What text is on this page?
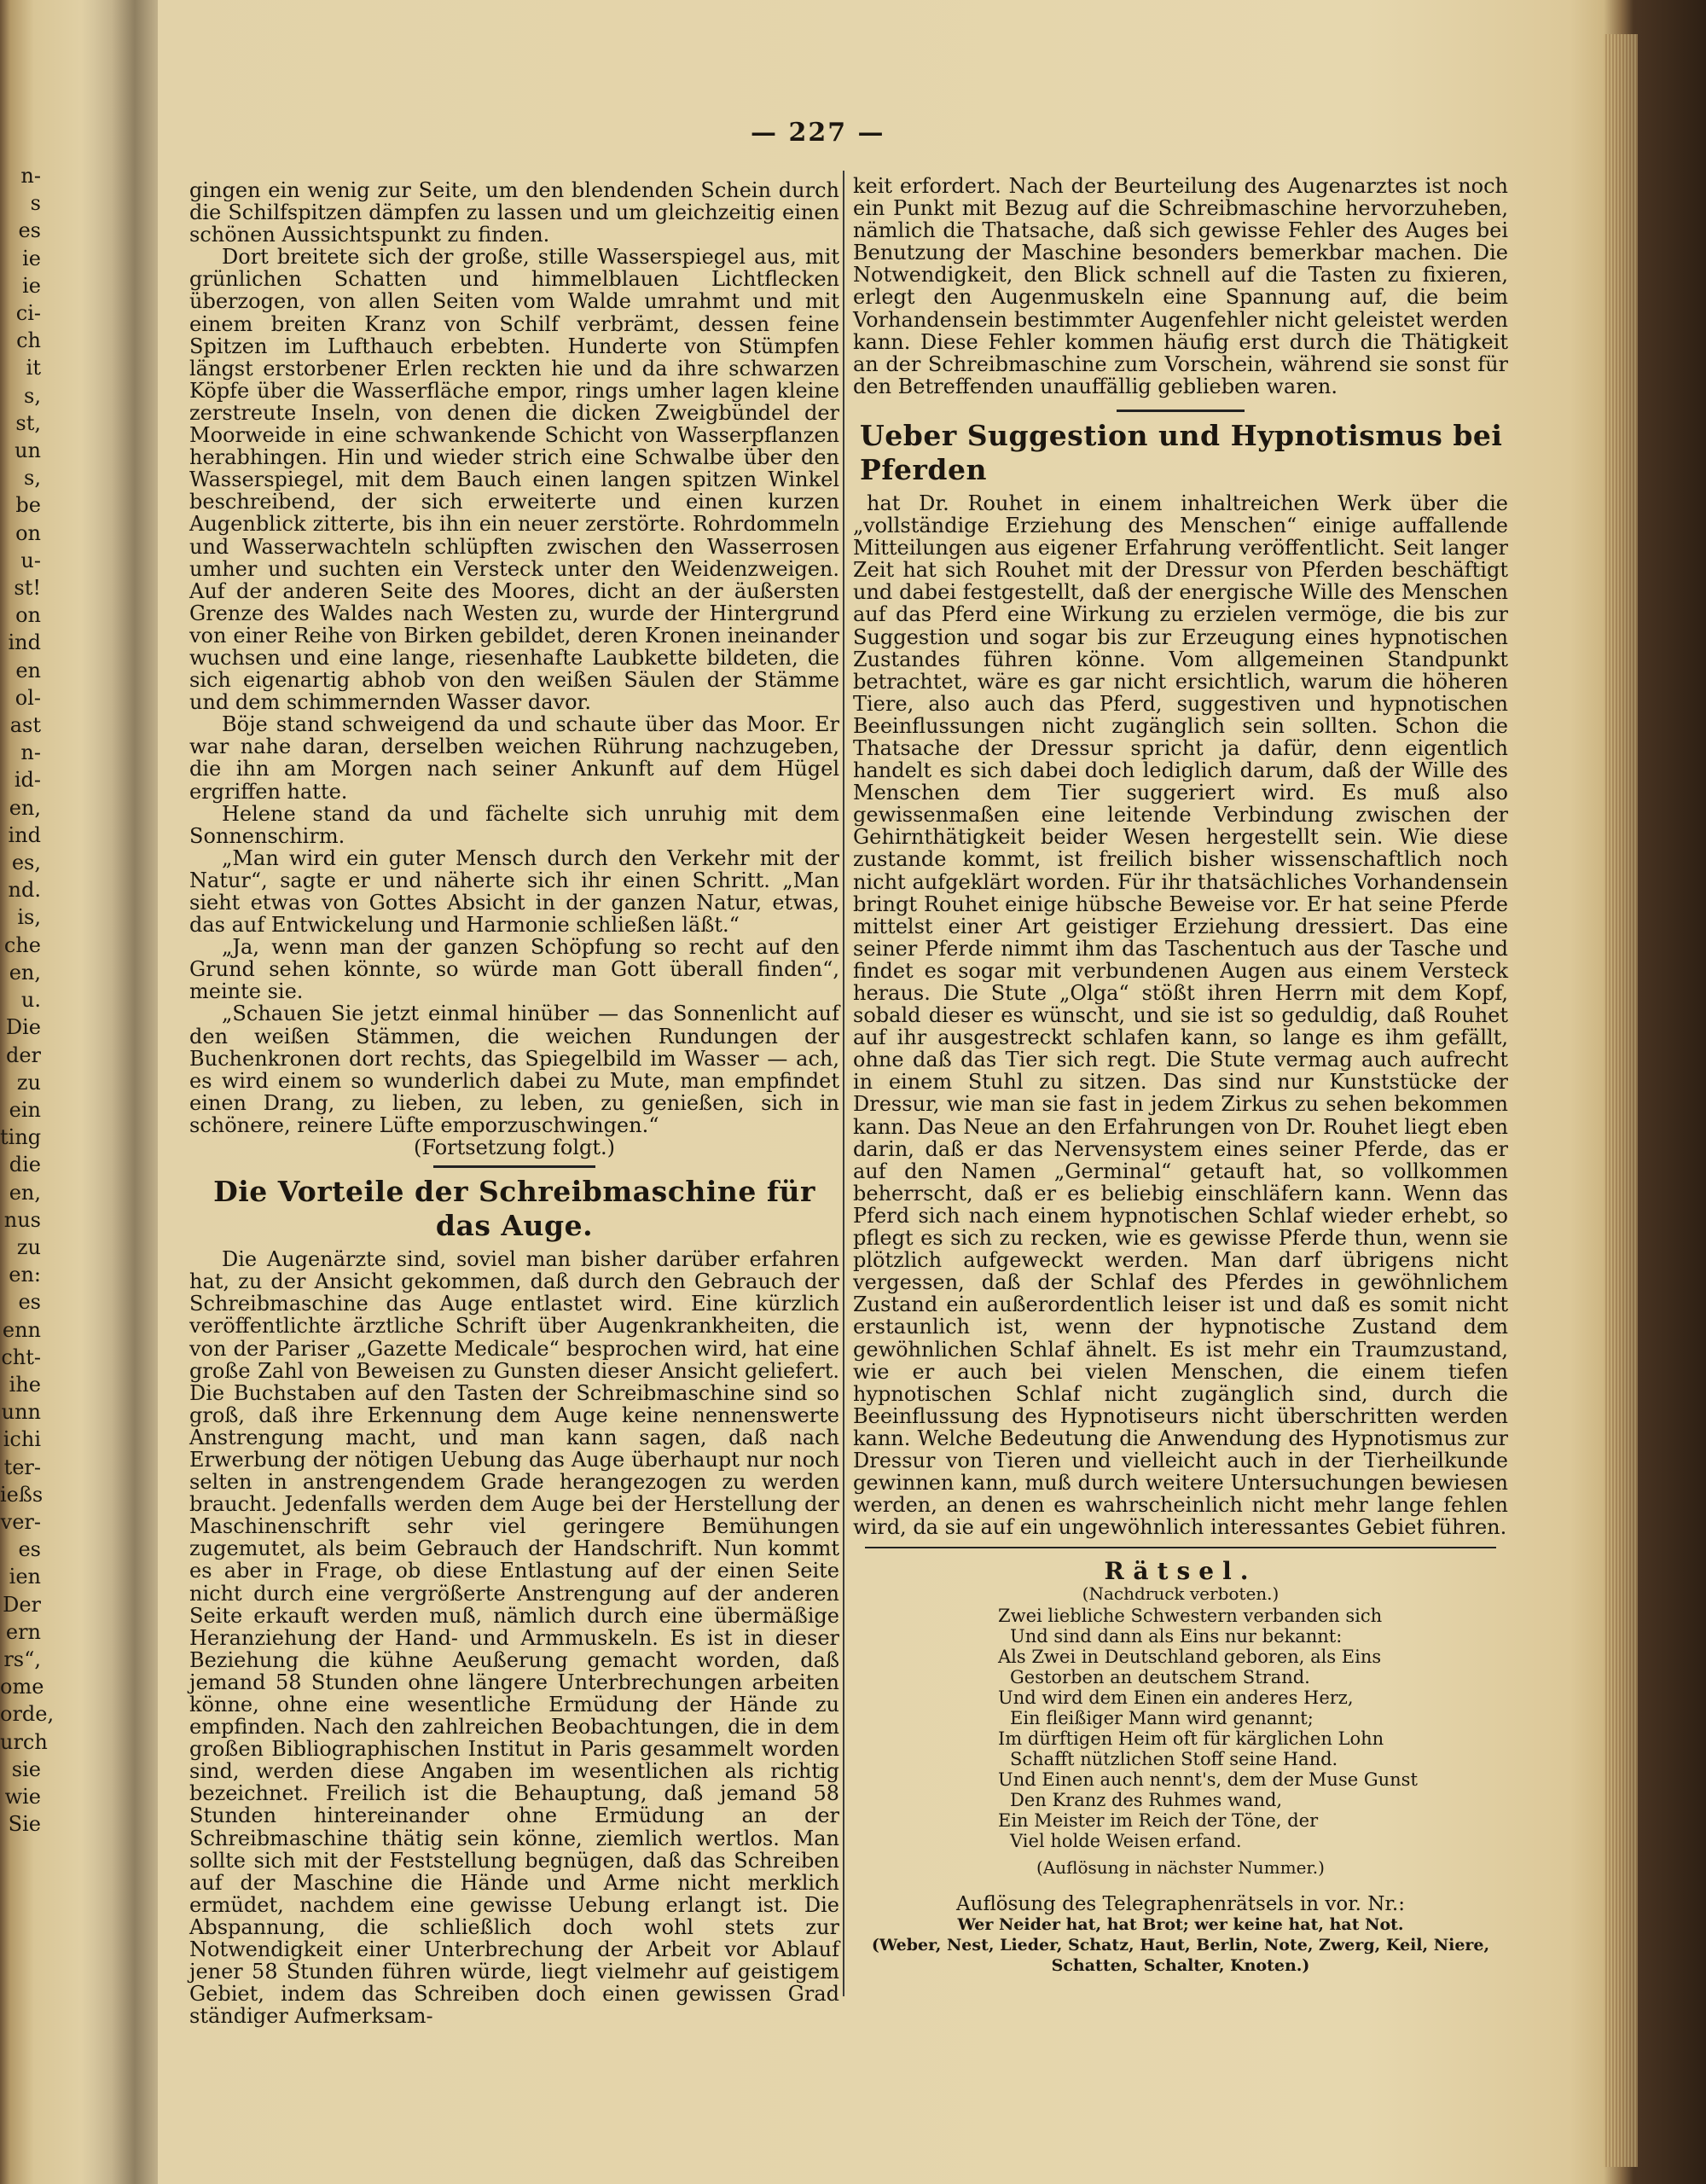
n-
s
es
ie
ie
ci-
ch
it
s,
st,
un
s,
be
on
u-
st!
on
ind
en
ol-
ast
n-
id-
en,
ind
es,
nd.
is,
che
en,
u.
Die
der
zu
ein
ting
die
en,
nus
zu
en:
es
enn
cht-
ihe
unn
ichi
ter-
ießs
ver-
es
ien
Der
ern
rs“,
ome
orde,
urch
sie
wie
Sie
— 227 —

gingen ein wenig zur Seite, um den blendenden Schein durch die Schilfspitzen dämpfen zu lassen und um gleichzeitig einen schönen Aussichtspunkt zu finden.

Dort breitete sich der große, stille Wasserspiegel aus, mit grünlichen Schatten und himmelblauen Lichtflecken überzogen, von allen Seiten vom Walde umrahmt und mit einem breiten Kranz von Schilf verbrämt, dessen feine Spitzen im Lufthauch erbebten. Hunderte von Stümpfen längst erstorbener Erlen reckten hie und da ihre schwarzen Köpfe über die Wasserfläche empor, rings umher lagen kleine zerstreute Inseln, von denen die dicken Zweigbündel der Moorweide in eine schwankende Schicht von Wasserpflanzen herabhingen. Hin und wieder strich eine Schwalbe über den Wasserspiegel, mit dem Bauch einen langen spitzen Winkel beschreibend, der sich erweiterte und einen kurzen Augenblick zitterte, bis ihn ein neuer zerstörte. Rohrdommeln und Wasserwachteln schlüpften zwischen den Wasserrosen umher und suchten ein Versteck unter den Weidenzweigen. Auf der anderen Seite des Moores, dicht an der äußersten Grenze des Waldes nach Westen zu, wurde der Hintergrund von einer Reihe von Birken gebildet, deren Kronen ineinander wuchsen und eine lange, riesenhafte Laubkette bildeten, die sich eigenartig abhob von den weißen Säulen der Stämme und dem schimmernden Wasser davor.

Böje stand schweigend da und schaute über das Moor. Er war nahe daran, derselben weichen Rührung nachzugeben, die ihn am Morgen nach seiner Ankunft auf dem Hügel ergriffen hatte.

Helene stand da und fächelte sich unruhig mit dem Sonnenschirm.

„Man wird ein guter Mensch durch den Verkehr mit der Natur“, sagte er und näherte sich ihr einen Schritt. „Man sieht etwas von Gottes Absicht in der ganzen Natur, etwas, das auf Entwickelung und Harmonie schließen läßt.“

„Ja, wenn man der ganzen Schöpfung so recht auf den Grund sehen könnte, so würde man Gott überall finden“, meinte sie.

„Schauen Sie jetzt einmal hinüber — das Sonnenlicht auf den weißen Stämmen, die weichen Rundungen der Buchenkronen dort rechts, das Spiegelbild im Wasser — ach, es wird einem so wunderlich dabei zu Mute, man empfindet einen Drang, zu lieben, zu leben, zu genießen, sich in schönere, reinere Lüfte emporzuschwingen.“

(Fortsetzung folgt.)
Die Vorteile der Schreibmaschine für das Auge.

Die Augenärzte sind, soviel man bisher darüber erfahren hat, zu der Ansicht gekommen, daß durch den Gebrauch der Schreibmaschine das Auge entlastet wird. Eine kürzlich veröffentlichte ärztliche Schrift über Augenkrankheiten, die von der Pariser „Gazette Medicale“ besprochen wird, hat eine große Zahl von Beweisen zu Gunsten dieser Ansicht geliefert. Die Buchstaben auf den Tasten der Schreibmaschine sind so groß, daß ihre Erkennung dem Auge keine nennenswerte Anstrengung macht, und man kann sagen, daß nach Erwerbung der nötigen Uebung das Auge überhaupt nur noch selten in anstrengendem Grade herangezogen zu werden braucht. Jedenfalls werden dem Auge bei der Herstellung der Maschinenschrift sehr viel geringere Bemühungen zugemutet, als beim Gebrauch der Handschrift. Nun kommt es aber in Frage, ob diese Entlastung auf der einen Seite nicht durch eine vergrößerte Anstrengung auf der anderen Seite erkauft werden muß, nämlich durch eine übermäßige Heranziehung der Hand- und Armmuskeln. Es ist in dieser Beziehung die kühne Aeußerung gemacht worden, daß jemand 58 Stunden ohne längere Unterbrechungen arbeiten könne, ohne eine wesentliche Ermüdung der Hände zu empfinden. Nach den zahlreichen Beobachtungen, die in dem großen Bibliographischen Institut in Paris gesammelt worden sind, werden diese Angaben im wesentlichen als richtig bezeichnet. Freilich ist die Behauptung, daß jemand 58 Stunden hintereinander ohne Ermüdung an der Schreibmaschine thätig sein könne, ziemlich wertlos. Man sollte sich mit der Feststellung begnügen, daß das Schreiben auf der Maschine die Hände und Arme nicht merklich ermüdet, nachdem eine gewisse Uebung erlangt ist. Die Abspannung, die schließlich doch wohl stets zur Notwendigkeit einer Unterbrechung der Arbeit vor Ablauf jener 58 Stunden führen würde, liegt vielmehr auf geistigem Gebiet, indem das Schreiben doch einen gewissen Grad ständiger Aufmerksam-

keit erfordert. Nach der Beurteilung des Augenarztes ist noch ein Punkt mit Bezug auf die Schreibmaschine hervorzuheben, nämlich die Thatsache, daß sich gewisse Fehler des Auges bei Benutzung der Maschine besonders bemerkbar machen. Die Notwendigkeit, den Blick schnell auf die Tasten zu fixieren, erlegt den Augenmuskeln eine Spannung auf, die beim Vorhandensein bestimmter Augenfehler nicht geleistet werden kann. Diese Fehler kommen häufig erst durch die Thätigkeit an der Schreibmaschine zum Vorschein, während sie sonst für den Betreffenden unauffällig geblieben waren.

Ueber Suggestion und Hypnotismus bei Pferden

hat Dr. Rouhet in einem inhaltreichen Werk über die „vollständige Erziehung des Menschen“ einige auffallende Mitteilungen aus eigener Erfahrung veröffentlicht. Seit langer Zeit hat sich Rouhet mit der Dressur von Pferden beschäftigt und dabei festgestellt, daß der energische Wille des Menschen auf das Pferd eine Wirkung zu erzielen vermöge, die bis zur Suggestion und sogar bis zur Erzeugung eines hypnotischen Zustandes führen könne. Vom allgemeinen Standpunkt betrachtet, wäre es gar nicht ersichtlich, warum die höheren Tiere, also auch das Pferd, suggestiven und hypnotischen Beeinflussungen nicht zugänglich sein sollten. Schon die Thatsache der Dressur spricht ja dafür, denn eigentlich handelt es sich dabei doch lediglich darum, daß der Wille des Menschen dem Tier suggeriert wird. Es muß also gewissenmaßen eine leitende Verbindung zwischen der Gehirnthätigkeit beider Wesen hergestellt sein. Wie diese zustande kommt, ist freilich bisher wissenschaftlich noch nicht aufgeklärt worden. Für ihr thatsächliches Vorhandensein bringt Rouhet einige hübsche Beweise vor. Er hat seine Pferde mittelst einer Art geistiger Erziehung dressiert. Das eine seiner Pferde nimmt ihm das Taschentuch aus der Tasche und findet es sogar mit verbundenen Augen aus einem Versteck heraus. Die Stute „Olga“ stößt ihren Herrn mit dem Kopf, sobald dieser es wünscht, und sie ist so geduldig, daß Rouhet auf ihr ausgestreckt schlafen kann, so lange es ihm gefällt, ohne daß das Tier sich regt. Die Stute vermag auch aufrecht in einem Stuhl zu sitzen. Das sind nur Kunststücke der Dressur, wie man sie fast in jedem Zirkus zu sehen bekommen kann. Das Neue an den Erfahrungen von Dr. Rouhet liegt eben darin, daß er das Nervensystem eines seiner Pferde, das er auf den Namen „Germinal“ getauft hat, so vollkommen beherrscht, daß er es beliebig einschläfern kann. Wenn das Pferd sich nach einem hypnotischen Schlaf wieder erhebt, so pflegt es sich zu recken, wie es gewisse Pferde thun, wenn sie plötzlich aufgeweckt werden. Man darf übrigens nicht vergessen, daß der Schlaf des Pferdes in gewöhnlichem Zustand ein außerordentlich leiser ist und daß es somit nicht erstaunlich ist, wenn der hypnotische Zustand dem gewöhnlichen Schlaf ähnelt. Es ist mehr ein Traumzustand, wie er auch bei vielen Menschen, die einem tiefen hypnotischen Schlaf nicht zugänglich sind, durch die Beeinflussung des Hypnotiseurs nicht überschritten werden kann. Welche Bedeutung die Anwendung des Hypnotismus zur Dressur von Tieren und vielleicht auch in der Tierheilkunde gewinnen kann, muß durch weitere Untersuchungen bewiesen werden, an denen es wahrscheinlich nicht mehr lange fehlen wird, da sie auf ein ungewöhnlich interessantes Gebiet führen.

Rätsel.
(Nachdruck verboten.)
Zwei liebliche Schwestern verbanden sich
Und sind dann als Eins nur bekannt:
Als Zwei in Deutschland geboren, als Eins
Gestorben an deutschem Strand.
Und wird dem Einen ein anderes Herz,
Ein fleißiger Mann wird genannt;
Im dürftigen Heim oft für kärglichen Lohn
Schafft nützlichen Stoff seine Hand.
Und Einen auch nennt's, dem der Muse Gunst
Den Kranz des Ruhmes wand,
Ein Meister im Reich der Töne, der
Viel holde Weisen erfand.
(Auflösung in nächster Nummer.)
Auflösung des Telegraphenrätsels in vor. Nr.:
Wer Neider hat, hat Brot; wer keine hat, hat Not.
(Weber, Nest, Lieder, Schatz, Haut, Berlin, Note, Zwerg, Keil, Niere, Schatten, Schalter, Knoten.)
